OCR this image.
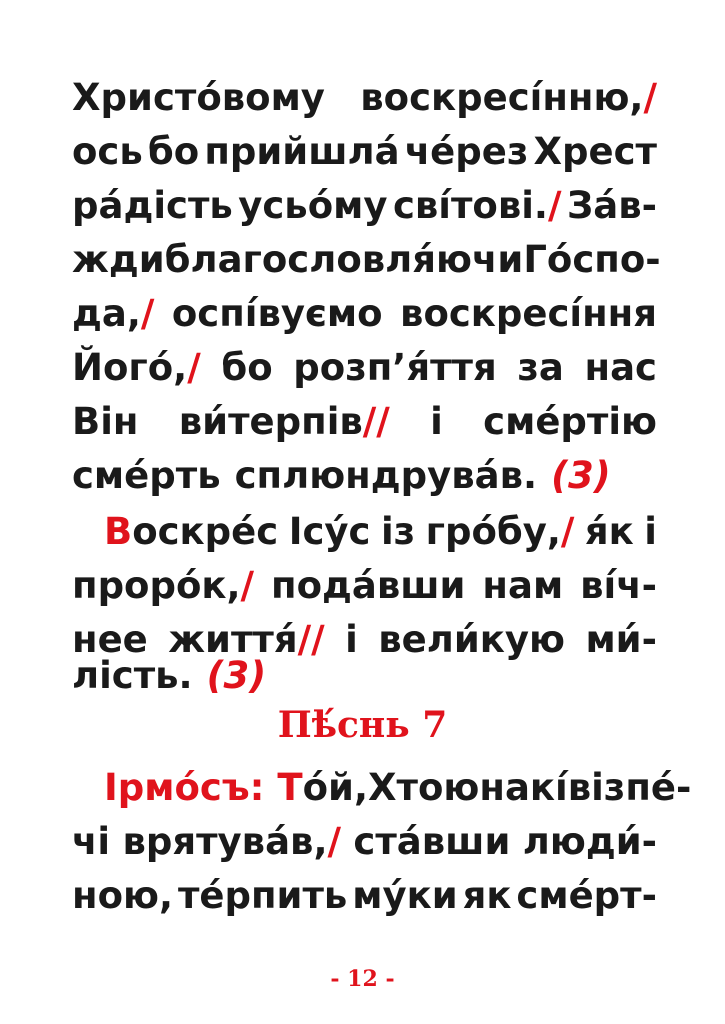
Христо́вому воскресі́нню,/
ось бо прийшла́ че́рез Хрест
ра́дість усьо́му сві́тові./ За́в-
жди благословля́ючи Го́спо-
да,/ оспі́вуємо воскресі́ння
Його́,/ бо розп’я́ття за нас
Він ви́терпів// і сме́ртію
сме́рть сплюндрува́в. (3)
Воскре́с Ісу́с із гро́бу,/ я́к і
проро́к,/ пода́вши нам ві́ч-
нее життя́// і вели́кую ми́-
лість. (3)
Пѣ́снь 7
Ірмо́съ: То́й, Хто юнакі́в із пе́-
чі врятува́в,/ ста́вши люди́-
ною, те́рпить му́ки як сме́рт-
- 12 -
